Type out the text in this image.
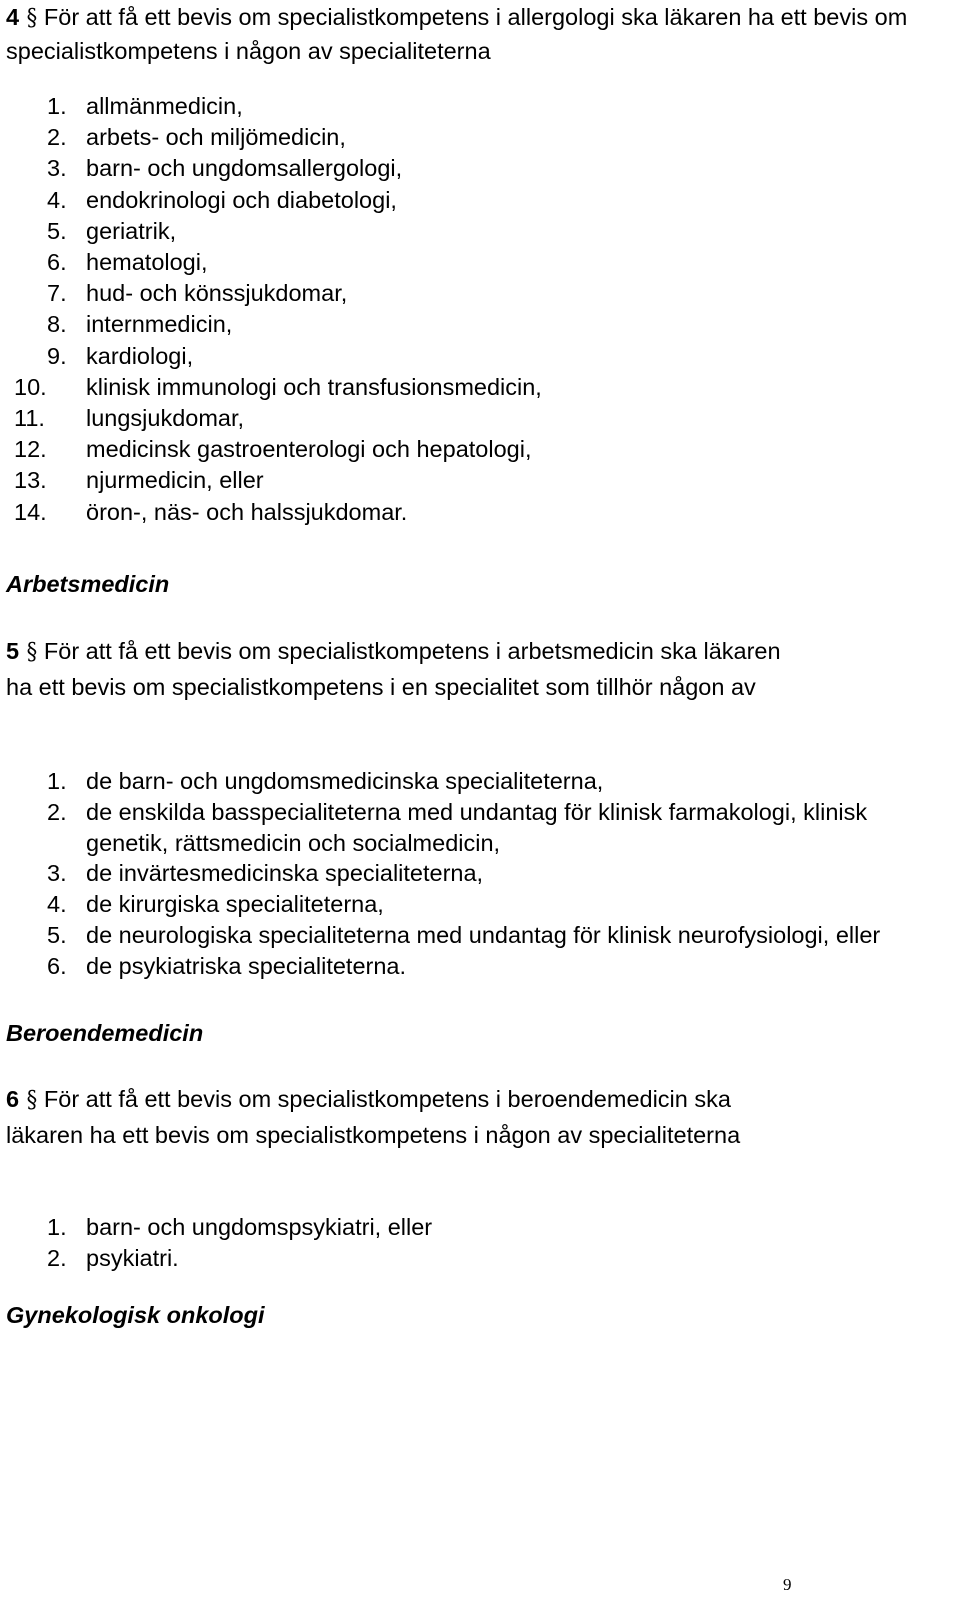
4 § För att få ett bevis om specialistkompetens i allergologi ska läkaren ha ett bevis om specialistkompetens i någon av specialiteterna

1. allmänmedicin,
2. arbets- och miljömedicin,
3. barn- och ungdomsallergologi,
4. endokrinologi och diabetologi,
5. geriatrik,
6. hematologi,
7. hud- och könssjukdomar,
8. internmedicin,
9. kardiologi,
10. klinisk immunologi och transfusionsmedicin,
11. lungsjukdomar,
12. medicinsk gastroenterologi och hepatologi,
13. njurmedicin, eller
14. öron-, näs- och halssjukdomar.
Arbetsmedicin

5 § För att få ett bevis om specialistkompetens i arbetsmedicin ska läkaren ha ett bevis om specialistkompetens i en specialitet som tillhör någon av

1. de barn- och ungdomsmedicinska specialiteterna,
2. de enskilda basspecialiteterna med undantag för klinisk farmakologi, klinisk genetik, rättsmedicin och socialmedicin,
3. de invärtesmedicinska specialiteterna,
4. de kirurgiska specialiteterna,
5. de neurologiska specialiteterna med undantag för klinisk neurofysiologi, eller
6. de psykiatriska specialiteterna.
Beroendemedicin

6 § För att få ett bevis om specialistkompetens i beroendemedicin ska läkaren ha ett bevis om specialistkompetens i någon av specialiteterna

1. barn- och ungdomspsykiatri, eller
2. psykiatri.
Gynekologisk onkologi
9
